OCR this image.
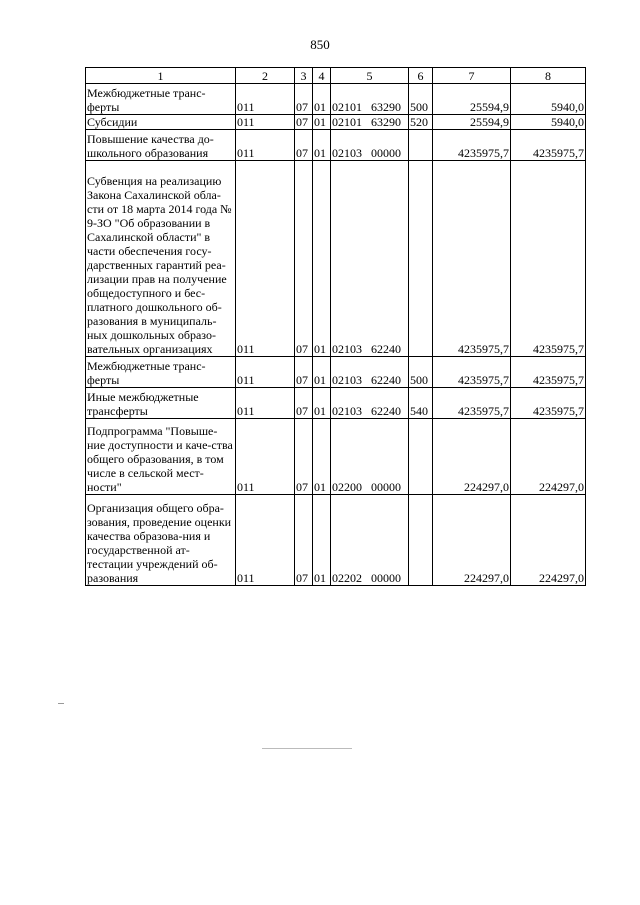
850
1	2	3	4	5	6	7	8
Межбюджетные транс-ферты	011	07	01	02101 63290	500	25594,9	5940,0
Субсидии	011	07	01	02101 63290	520	25594,9	5940,0
Повышение качества до-школьного образования	011	07	01	02103 00000		4235975,7	4235975,7
Субвенция на реализацию Закона Сахалинской обла-сти от 18 марта 2014 года № 9-ЗО "Об образовании в Сахалинской области" в части обеспечения госу-дарственных гарантий реа-лизации прав на получение общедоступного и бес-платного дошкольного об-разования в муниципаль-ных дошкольных образо-вательных организациях	011	07	01	02103 62240		4235975,7	4235975,7
Межбюджетные транс-ферты	011	07	01	02103 62240	500	4235975,7	4235975,7
Иные межбюджетные трансферты	011	07	01	02103 62240	540	4235975,7	4235975,7
Подпрограмма "Повыше-ние доступности и каче-ства общего образования, в том числе в сельской мест-ности"	011	07	01	02200 00000		224297,0	224297,0
Организация общего обра-зования, проведение оценки качества образова-ния и государственной ат-тестации учреждений об-разования	011	07	01	02202 00000		224297,0	224297,0
